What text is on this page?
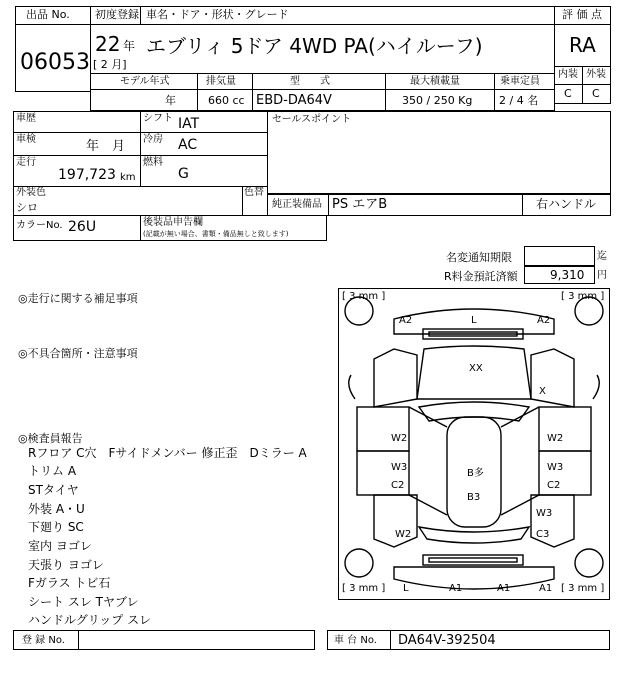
出品 No.
06053
初度登録 車名・ドア・形状・グレード
22 年
[ 2 月]
エブリィ 5ドア 4WD PA(ハイルーフ)
評 価 点
RA
内装 外装
C C
モデル年式	排気量	型　　式	最大積載量	乗車定員
年	660 cc EBD-DA64V	350 / 250 Kg 2 / 4 名
車歴
車検	年　月
走行
197,723 km
シフト IAT
冷房 AC
燃料
G
セールスポイント
外装色
シロ
色替
純正装備品 PS エアB	右ハンドル
カラーNo. 26U	後装品申告欄
(記載が無い場合、書類・備品無しと致します)
名変通知期限	迄
R料金預託済額	9,310 円
◎走行に関する補足事項
◎不具合箇所・注意事項
◎検査員報告
Rフロア C穴　Fサイドメンバー 修正歪　Dミラー A
トリム A
STタイヤ
外装 A・U
下廻り SC
室内 ヨゴレ
天張り ヨゴレ
Fガラス トビ石
シート スレ Tヤブレ
ハンドルグリップ スレ
[ 3 mm ]	[ 3 mm ]
[ 3 mm ]	[ 3 mm ]
A2	L	A2
XX
X
W2	W2
W3
C2
W3
C2
B多
B3
W3
C3
W2
L	A1	A1	A1
登 録 No.	車 台 No. DA64V-392504
